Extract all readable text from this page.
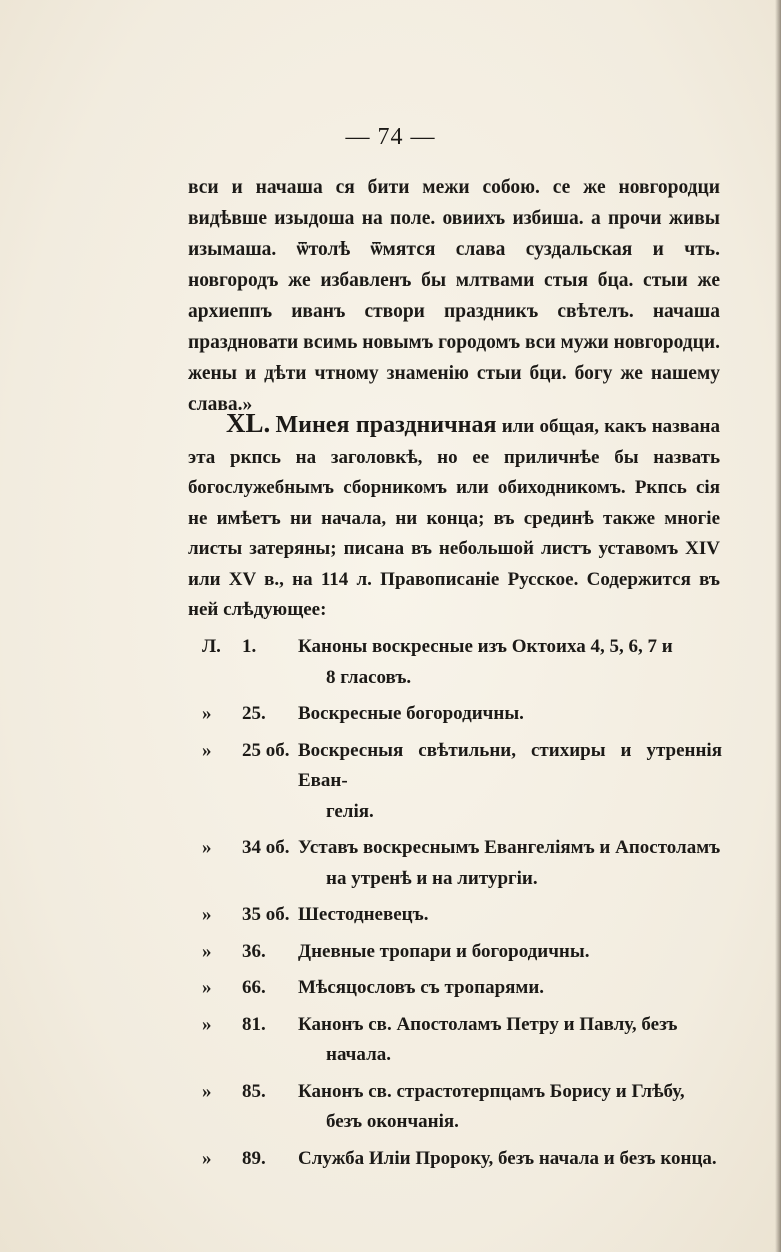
— 74 —
вси и начаша ся бити межи собою. се же новгородци видѣвше изыдоша на поле. овиихъ избиша. а прочи живы изымаша. ѿтолѣ ѿмятся слава суздальская и чть. новгородъ же избавленъ бы млтвами стыя бца. стыи же архиеппъ иванъ створи праздникъ свѣтелъ. начаша праздновати всимь новымъ городомъ вси мужи новгородци. жены и дѣти чтному знаменію стыи бци. богу же нашему слава.»
XL. Минея праздничная или общая, какъ названа эта ркпсь на заголовкѣ, но ее приличнѣе бы назвать богослужебнымъ сборникомъ или обиходникомъ. Ркпсь сія не имѣетъ ни начала, ни конца; въ срединѣ также многіе листы затеряны; писана въ небольшой листъ уставомъ XIV или XV в., на 114 л. Правописаніе Русское. Содержится въ ней слѣдующее:
Л. 1.	Каноны воскресные изъ Октоиха 4, 5, 6, 7 и
8 гласовъ.
» 25.	Воскресные богородичны.
» 25 об. Воскресныя свѣтильни, стихиры и утреннія Еван-
гелія.
» 34 об. Уставъ воскреснымъ Евангеліямъ и Апостоламъ
на утренѣ и на литургіи.
» 35 об. Шестодневецъ.
» 36.	Дневные тропари и богородичны.
» 66.	Мѣсяцословъ съ тропарями.
» 81.	Канонъ св. Апостоламъ Петру и Павлу, безъ
начала.
» 85.	Канонъ св. страстотерпцамъ Борису и Глѣбу,
безъ окончанія.
» 89.	Служба Иліи Пророку, безъ начала и безъ конца.
